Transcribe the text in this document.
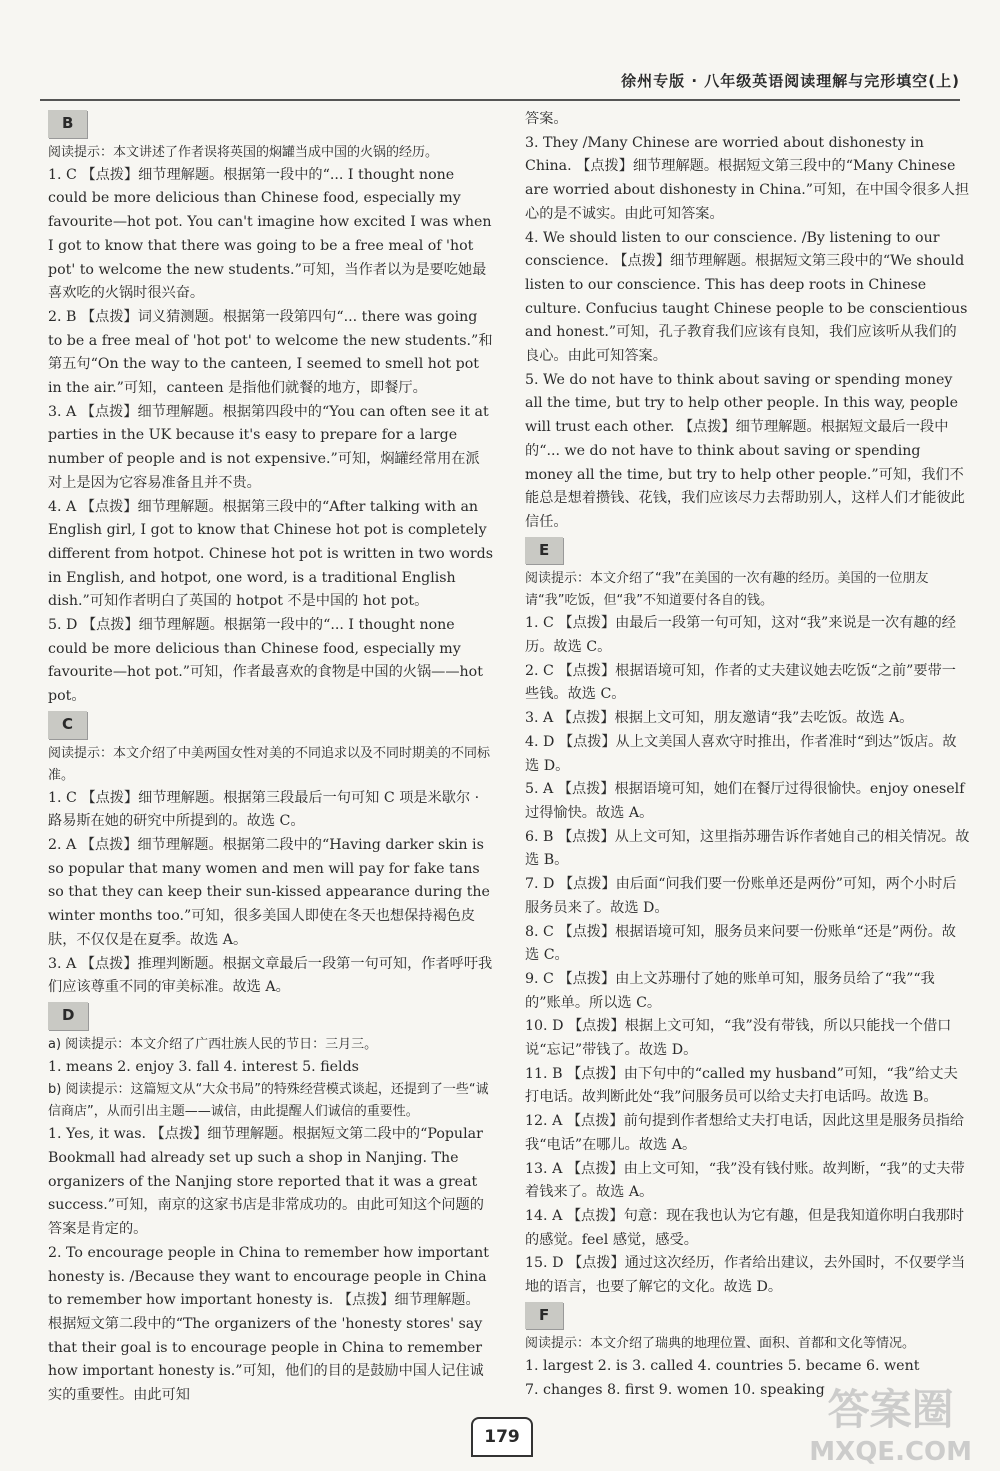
徐州专版 · 八年级英语阅读理解与完形填空(上)
B

阅读提示：本文讲述了作者误将英国的焖罐当成中国的火锅的经历。

1. C 【点拨】细节理解题。根据第一段中的“... I thought none could be more delicious than Chinese food, especially my favourite—hot pot. You can't imagine how excited I was when I got to know that there was going to be a free meal of 'hot pot' to welcome the new students.”可知，当作者以为是要吃她最喜欢吃的火锅时很兴奋。

2. B 【点拨】词义猜测题。根据第一段第四句“... there was going to be a free meal of 'hot pot' to welcome the new students.”和第五句“On the way to the canteen, I seemed to smell hot pot in the air.”可知，canteen 是指他们就餐的地方，即餐厅。

3. A 【点拨】细节理解题。根据第四段中的“You can often see it at parties in the UK because it's easy to prepare for a large number of people and is not expensive.”可知，焖罐经常用在派对上是因为它容易准备且并不贵。

4. A 【点拨】细节理解题。根据第三段中的“After talking with an English girl, I got to know that Chinese hot pot is completely different from hotpot. Chinese hot pot is written in two words in English, and hotpot, one word, is a traditional English dish.”可知作者明白了英国的 hotpot 不是中国的 hot pot。

5. D 【点拨】细节理解题。根据第一段中的“... I thought none could be more delicious than Chinese food, especially my favourite—hot pot.”可知，作者最喜欢的食物是中国的火锅——hot pot。

C

阅读提示：本文介绍了中美两国女性对美的不同追求以及不同时期美的不同标准。

1. C 【点拨】细节理解题。根据第三段最后一句可知 C 项是米歇尔 · 路易斯在她的研究中所提到的。故选 C。

2. A 【点拨】细节理解题。根据第二段中的“Having darker skin is so popular that many women and men will pay for fake tans so that they can keep their sun-kissed appearance during the winter months too.”可知，很多美国人即使在冬天也想保持褐色皮肤，不仅仅是在夏季。故选 A。

3. A 【点拨】推理判断题。根据文章最后一段第一句可知，作者呼吁我们应该尊重不同的审美标准。故选 A。

D

a) 阅读提示：本文介绍了广西壮族人民的节日：三月三。

1. means 2. enjoy 3. fall 4. interest 5. fields

b) 阅读提示：这篇短文从“大众书局”的特殊经营模式谈起，还提到了一些“诚信商店”，从而引出主题——诚信，由此提醒人们诚信的重要性。

1. Yes, it was. 【点拨】细节理解题。根据短文第二段中的“Popular Bookmall had already set up such a shop in Nanjing. The organizers of the Nanjing store reported that it was a great success.”可知，南京的这家书店是非常成功的。由此可知这个问题的答案是肯定的。

2. To encourage people in China to remember how important honesty is. /Because they want to encourage people in China to remember how important honesty is. 【点拨】细节理解题。根据短文第二段中的“The organizers of the 'honesty stores' say that their goal is to encourage people in China to remember how important honesty is.”可知，他们的目的是鼓励中国人记住诚实的重要性。由此可知

答案。

3. They /Many Chinese are worried about dishonesty in China. 【点拨】细节理解题。根据短文第三段中的“Many Chinese are worried about dishonesty in China.”可知，在中国令很多人担心的是不诚实。由此可知答案。

4. We should listen to our conscience. /By listening to our conscience. 【点拨】细节理解题。根据短文第三段中的“We should listen to our conscience. This has deep roots in Chinese culture. Confucius taught Chinese people to be conscientious and honest.”可知，孔子教育我们应该有良知，我们应该听从我们的良心。由此可知答案。

5. We do not have to think about saving or spending money all the time, but try to help other people. In this way, people will trust each other. 【点拨】细节理解题。根据短文最后一段中的“... we do not have to think about saving or spending money all the time, but try to help other people.”可知，我们不能总是想着攒钱、花钱，我们应该尽力去帮助别人，这样人们才能彼此信任。

E

阅读提示：本文介绍了“我”在美国的一次有趣的经历。美国的一位朋友请“我”吃饭，但“我”不知道要付各自的钱。

1. C 【点拨】由最后一段第一句可知，这对“我”来说是一次有趣的经历。故选 C。

2. C 【点拨】根据语境可知，作者的丈夫建议她去吃饭“之前”要带一些钱。故选 C。

3. A 【点拨】根据上文可知，朋友邀请“我”去吃饭。故选 A。

4. D 【点拨】从上文美国人喜欢守时推出，作者准时“到达”饭店。故选 D。

5. A 【点拨】根据语境可知，她们在餐厅过得很愉快。enjoy oneself 过得愉快。故选 A。

6. B 【点拨】从上文可知，这里指苏珊告诉作者她自己的相关情况。故选 B。

7. D 【点拨】由后面“问我们要一份账单还是两份”可知，两个小时后服务员来了。故选 D。

8. C 【点拨】根据语境可知，服务员来问要一份账单“还是”两份。故选 C。

9. C 【点拨】由上文苏珊付了她的账单可知，服务员给了“我”“我的”账单。所以选 C。

10. D 【点拨】根据上文可知，“我”没有带钱，所以只能找一个借口说“忘记”带钱了。故选 D。

11. B 【点拨】由下句中的“called my husband”可知，“我”给丈夫打电话。故判断此处“我”问服务员可以给丈夫打电话吗。故选 B。

12. A 【点拨】前句提到作者想给丈夫打电话，因此这里是服务员指给我“电话”在哪儿。故选 A。

13. A 【点拨】由上文可知，“我”没有钱付账。故判断，“我”的丈夫带着钱来了。故选 A。

14. A 【点拨】句意：现在我也认为它有趣，但是我知道你明白我那时的感觉。feel 感觉，感受。

15. D 【点拨】通过这次经历，作者给出建议，去外国时，不仅要学当地的语言，也要了解它的文化。故选 D。

F

阅读提示：本文介绍了瑞典的地理位置、面积、首都和文化等情况。

1. largest 2. is 3. called 4. countries 5. became 6. went

7. changes 8. first 9. women 10. speaking

179
答案圈
MXQE.COM
